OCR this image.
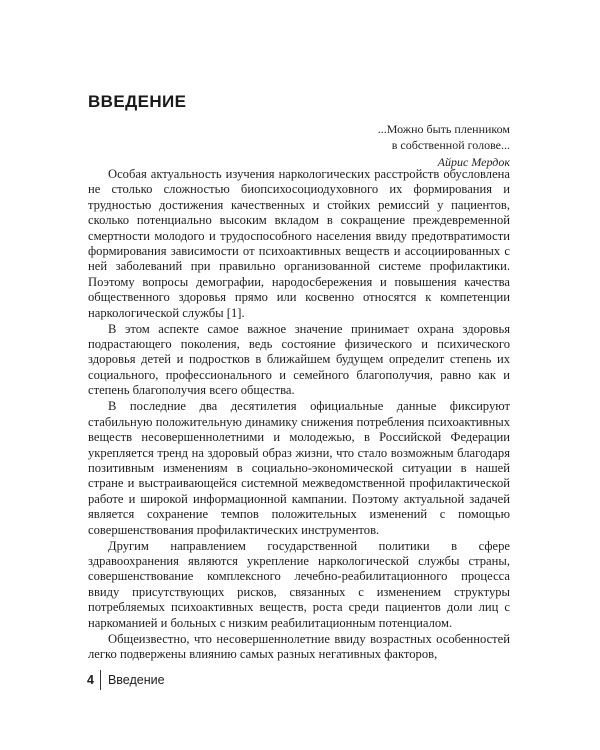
ВВЕДЕНИЕ
...Можно быть пленником
в собственной голове...
Айрис Мердок

Особая актуальность изучения наркологических расстройств обусловлена не столько сложностью биопсихосоциодуховного их формирования и трудностью достижения качественных и стойких ремиссий у пациентов, сколько потенциально высоким вкладом в сокращение преждевременной смертности молодого и трудоспособного населения ввиду предотвратимости формирования зависимости от психоактивных веществ и ассоциированных с ней заболеваний при правильно организованной системе профилактики. Поэтому вопросы демографии, народосбережения и повышения качества общественного здоровья прямо или косвенно относятся к компетенции наркологической службы [1].

В этом аспекте самое важное значение принимает охрана здоровья подрастающего поколения, ведь состояние физического и психического здоровья детей и подростков в ближайшем будущем определит степень их социального, профессионального и семейного благополучия, равно как и степень благополучия всего общества.

В последние два десятилетия официальные данные фиксируют стабильную положительную динамику снижения потребления психоактивных веществ несовершеннолетними и молодежью, в Российской Федерации укрепляется тренд на здоровый образ жизни, что стало возможным благодаря позитивным изменениям в социально-экономической ситуации в нашей стране и выстраивающейся системной межведомственной профилактической работе и широкой информационной кампании. Поэтому актуальной задачей является сохранение темпов положительных изменений с помощью совершенствования профилактических инструментов.

Другим направлением государственной политики в сфере здравоохранения являются укрепление наркологической службы страны, совершенствование комплексного лечебно-реабилитационного процесса ввиду присутствующих рисков, связанных с изменением структуры потребляемых психоактивных веществ, роста среди пациентов доли лиц с наркоманией и больных с низким реабилитационным потенциалом.

Общеизвестно, что несовершеннолетние ввиду возрастных особенностей легко подвержены влиянию самых разных негативных факторов,

4 Введение
